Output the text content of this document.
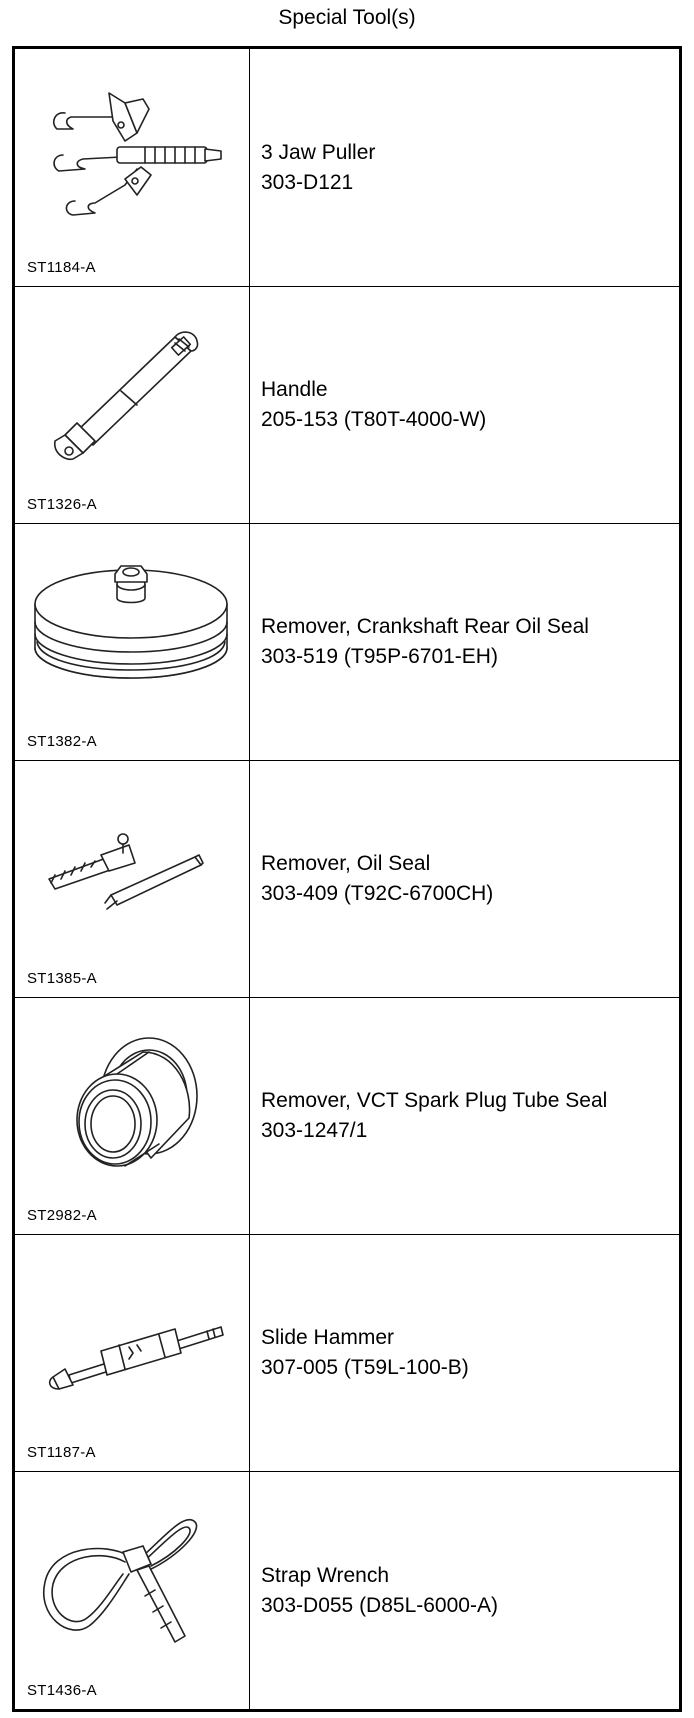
Special Tool(s)
ST1184-A
3 Jaw Puller
303-D121
ST1326-A
Handle
205-153 (T80T-4000-W)
ST1382-A
Remover, Crankshaft Rear Oil Seal
303-519 (T95P-6701-EH)
ST1385-A
Remover, Oil Seal
303-409 (T92C-6700CH)
ST2982-A
Remover, VCT Spark Plug Tube Seal
303-1247/1
ST1187-A
Slide Hammer
307-005 (T59L-100-B)
ST1436-A
Strap Wrench
303-D055 (D85L-6000-A)
